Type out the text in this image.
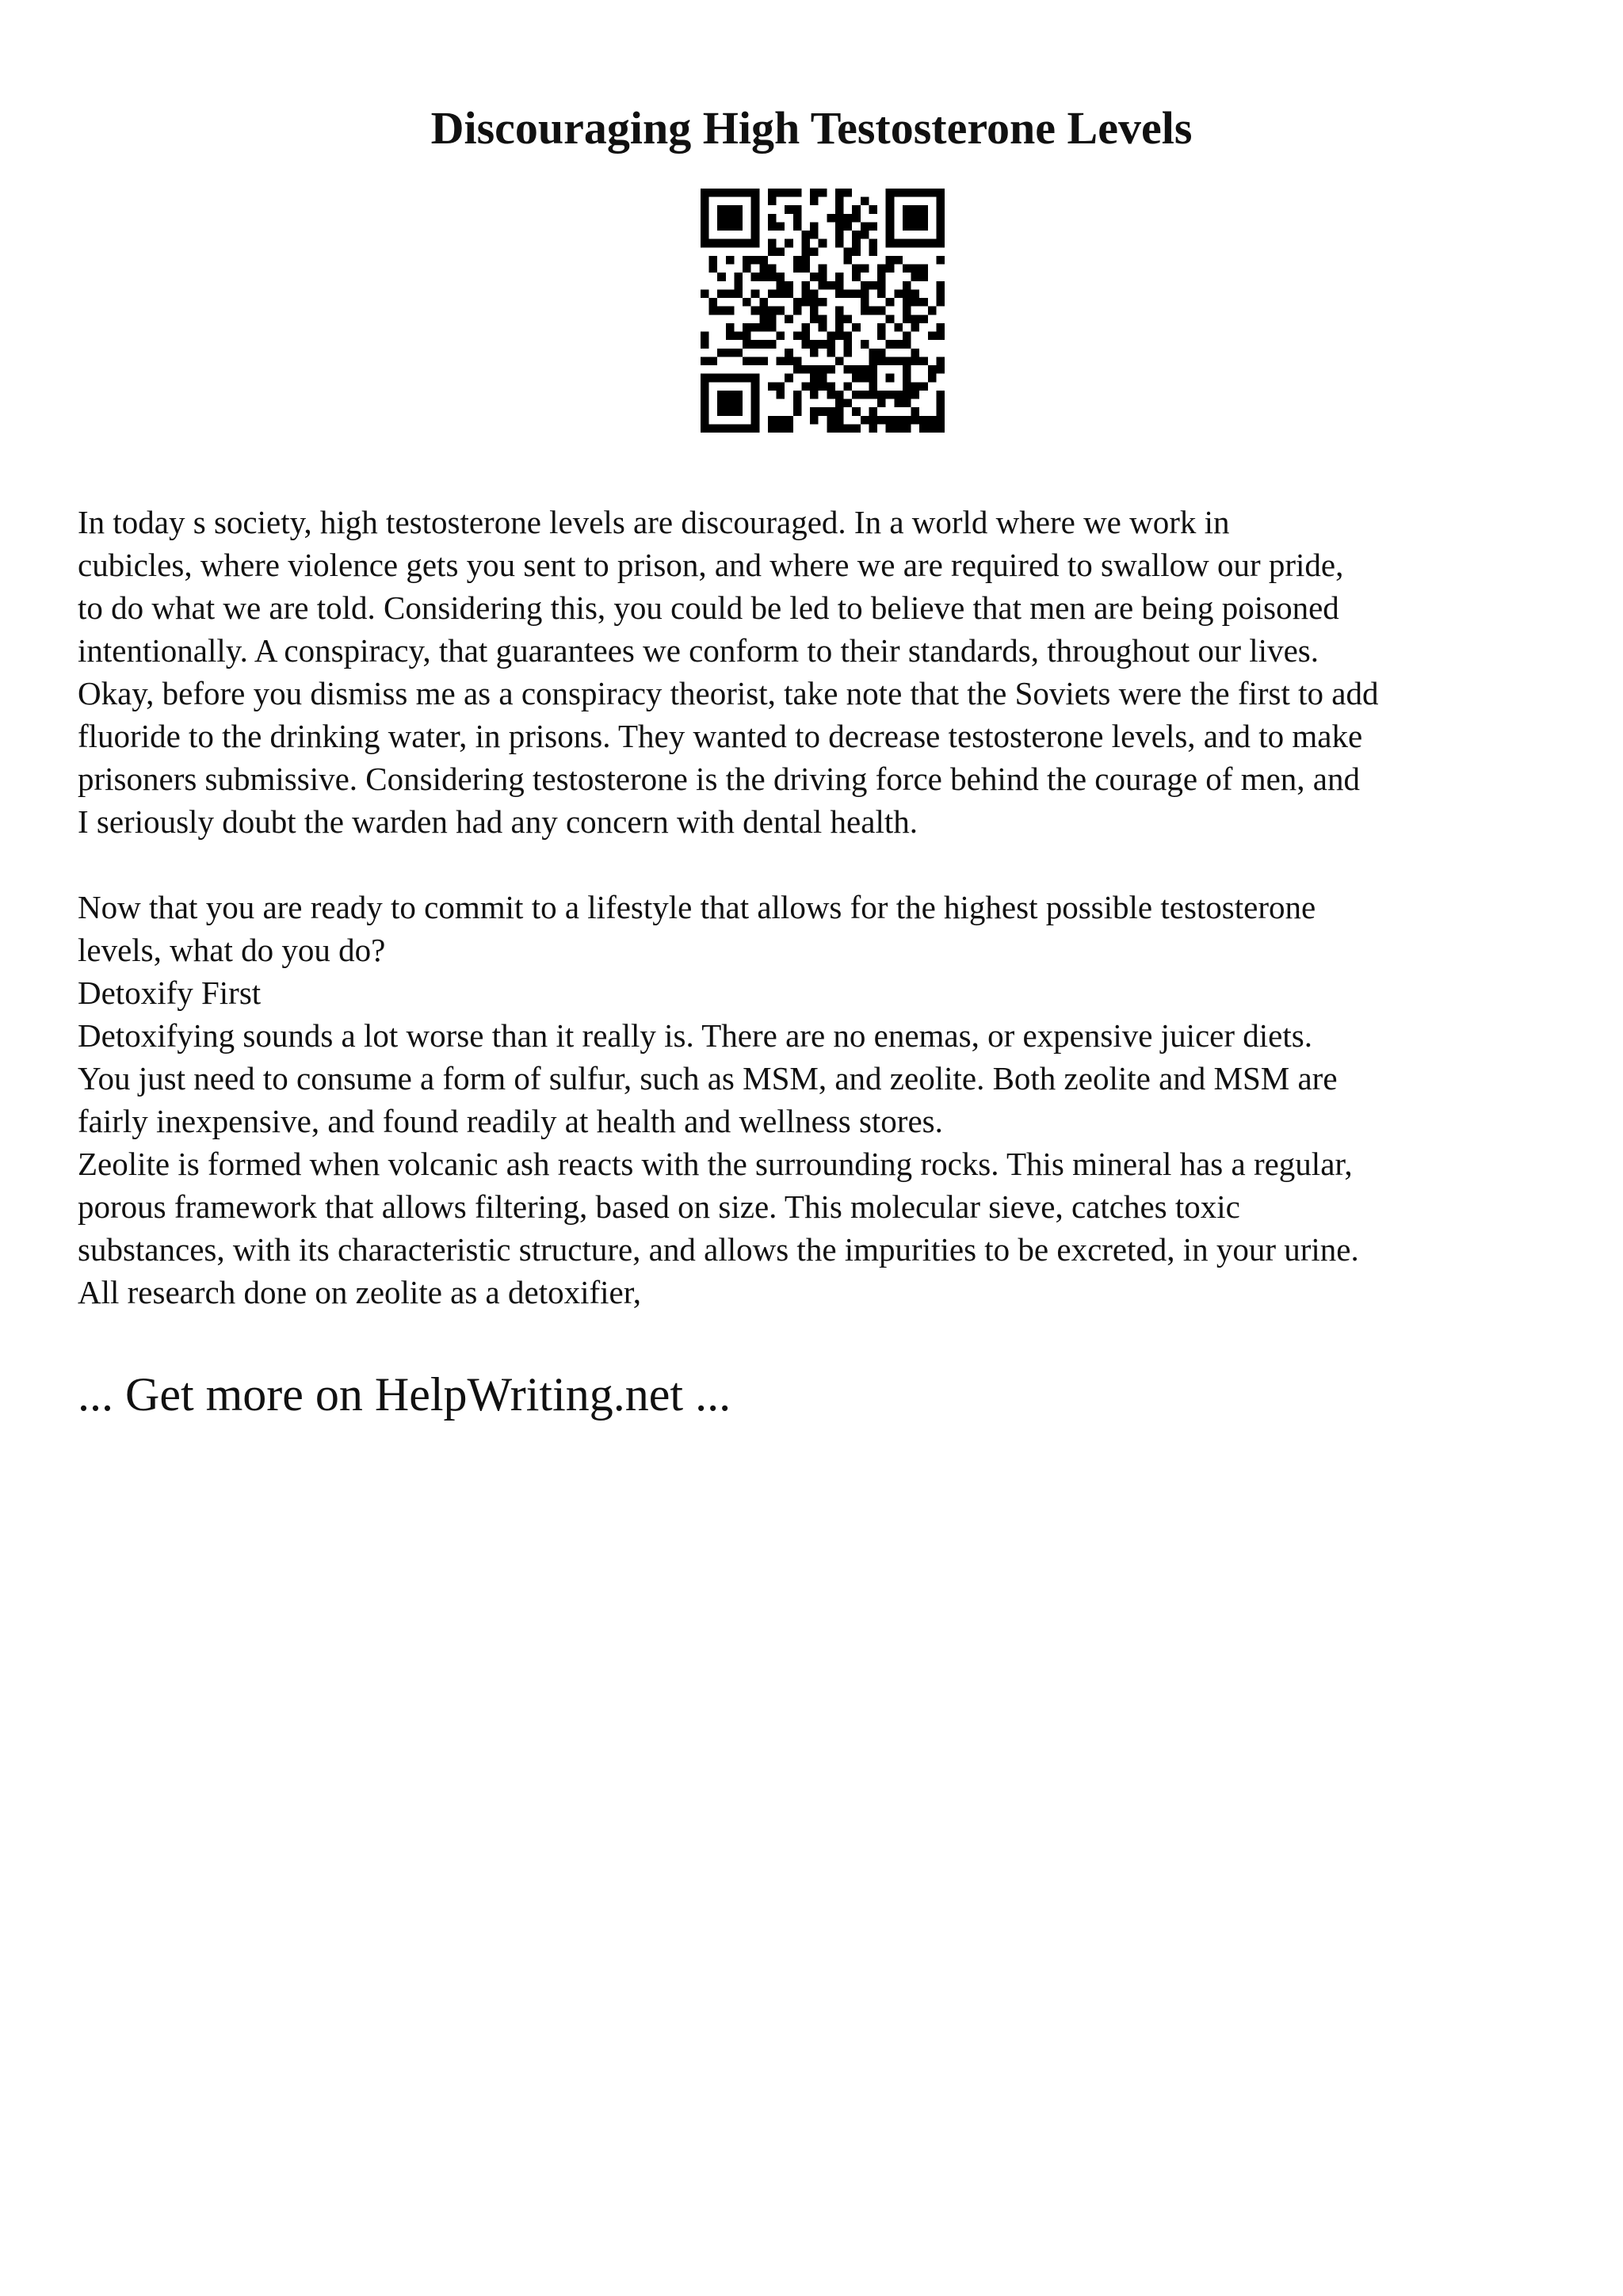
Discouraging High Testosterone Levels
In today s society, high testosterone levels are discouraged. In a world where we work in
cubicles, where violence gets you sent to prison, and where we are required to swallow our pride,
to do what we are told. Considering this, you could be led to believe that men are being poisoned
intentionally. A conspiracy, that guarantees we conform to their standards, throughout our lives.
Okay, before you dismiss me as a conspiracy theorist, take note that the Soviets were the first to add
fluoride to the drinking water, in prisons. They wanted to decrease testosterone levels, and to make
prisoners submissive. Considering testosterone is the driving force behind the courage of men, and
I seriously doubt the warden had any concern with dental health.
Now that you are ready to commit to a lifestyle that allows for the highest possible testosterone
levels, what do you do?
Detoxify First
Detoxifying sounds a lot worse than it really is. There are no enemas, or expensive juicer diets.
You just need to consume a form of sulfur, such as MSM, and zeolite. Both zeolite and MSM are
fairly inexpensive, and found readily at health and wellness stores.
Zeolite is formed when volcanic ash reacts with the surrounding rocks. This mineral has a regular,
porous framework that allows filtering, based on size. This molecular sieve, catches toxic
substances, with its characteristic structure, and allows the impurities to be excreted, in your urine.
All research done on zeolite as a detoxifier,
... Get more on HelpWriting.net ...
